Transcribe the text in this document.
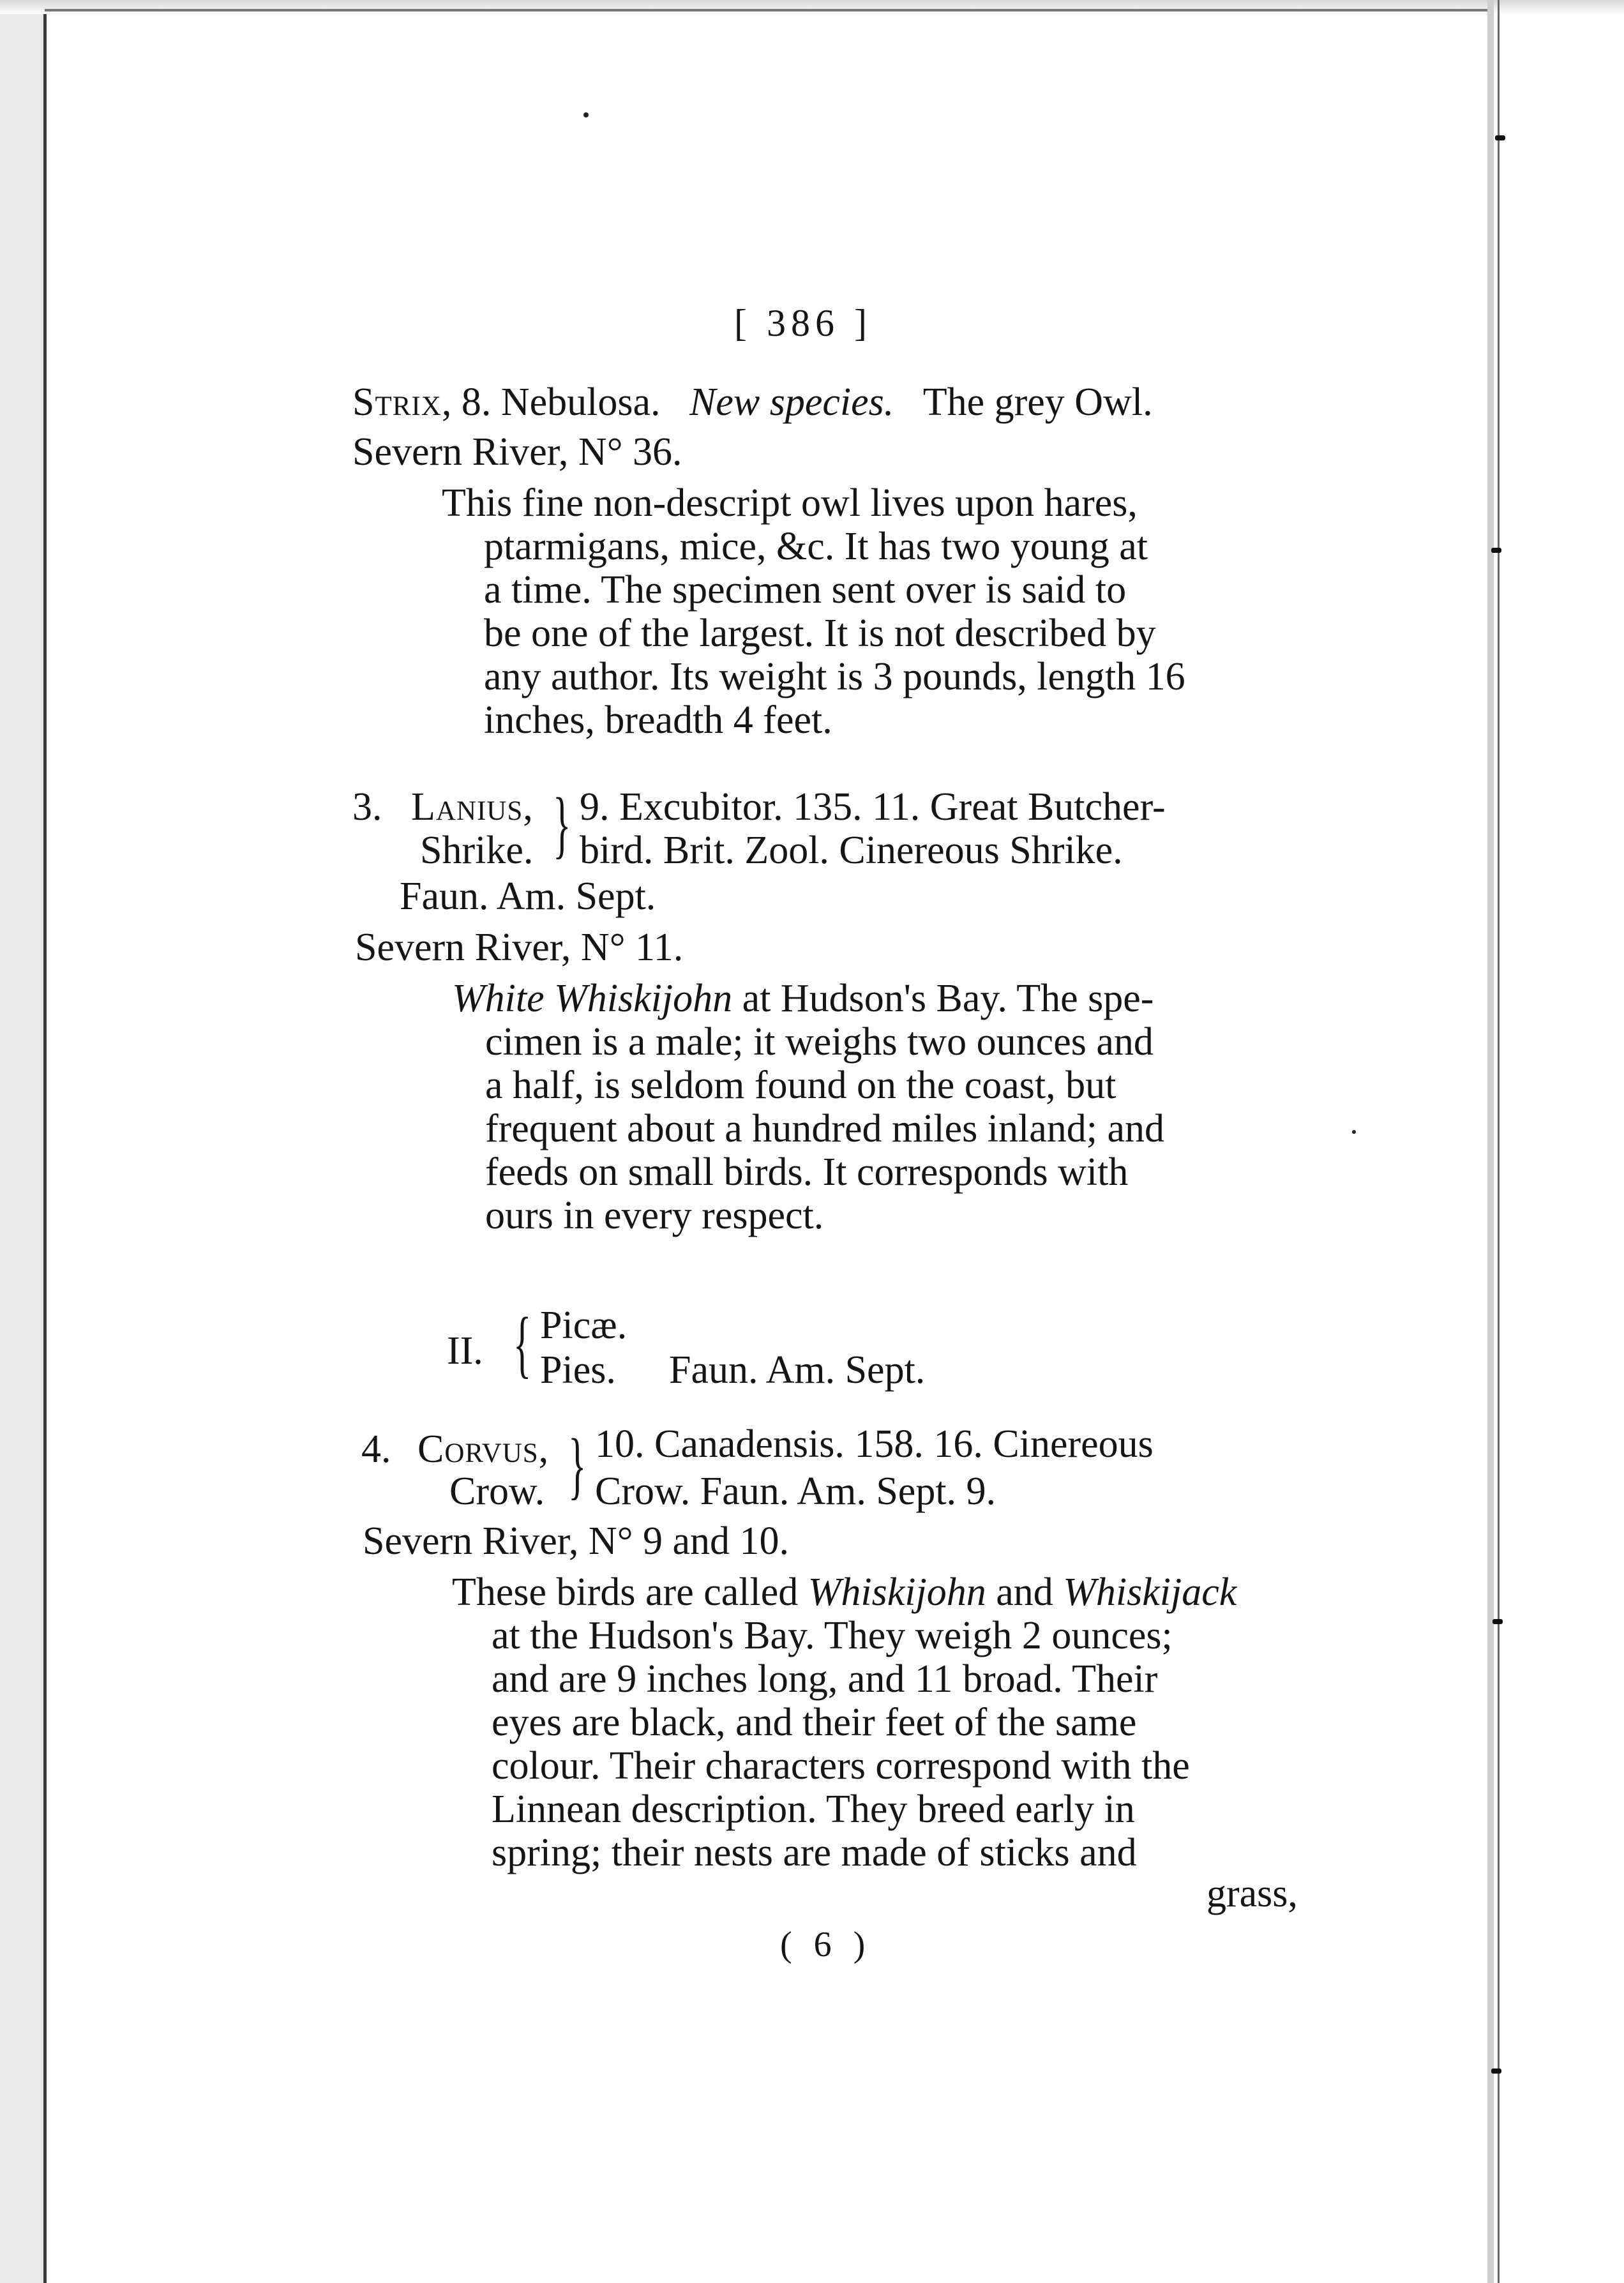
[ 386 ]
Strix, 8. Nebulosa. New species. The grey Owl.
Severn River, N° 36.
This fine non-descript owl lives upon hares,
ptarmigans, mice, &c. It has two young at
a time. The specimen sent over is said to
be one of the largest. It is not described by
any author. Its weight is 3 pounds, length 16
inches, breadth 4 feet.
3. Lanius,
Shrike. } 9. Excubitor. 135. 11. Great Butcher-
bird. Brit. Zool. Cinereous Shrike.
Faun. Am. Sept.
Severn River, N° 11.
White Whiskijohn at Hudson's Bay. The spe-
cimen is a male; it weighs two ounces and
a half, is seldom found on the coast, but
frequent about a hundred miles inland; and
feeds on small birds. It corresponds with
ours in every respect.
II. { Picæ.
Pies. Faun. Am. Sept.
4. Corvus,
Crow. } 10. Canadensis. 158. 16. Cinereous
Crow. Faun. Am. Sept. 9.
Severn River, N° 9 and 10.
These birds are called Whiskijohn and Whiskijack
at the Hudson's Bay. They weigh 2 ounces;
and are 9 inches long, and 11 broad. Their
eyes are black, and their feet of the same
colour. Their characters correspond with the
Linnean description. They breed early in
spring; their nests are made of sticks and
grass,
( 6 )
